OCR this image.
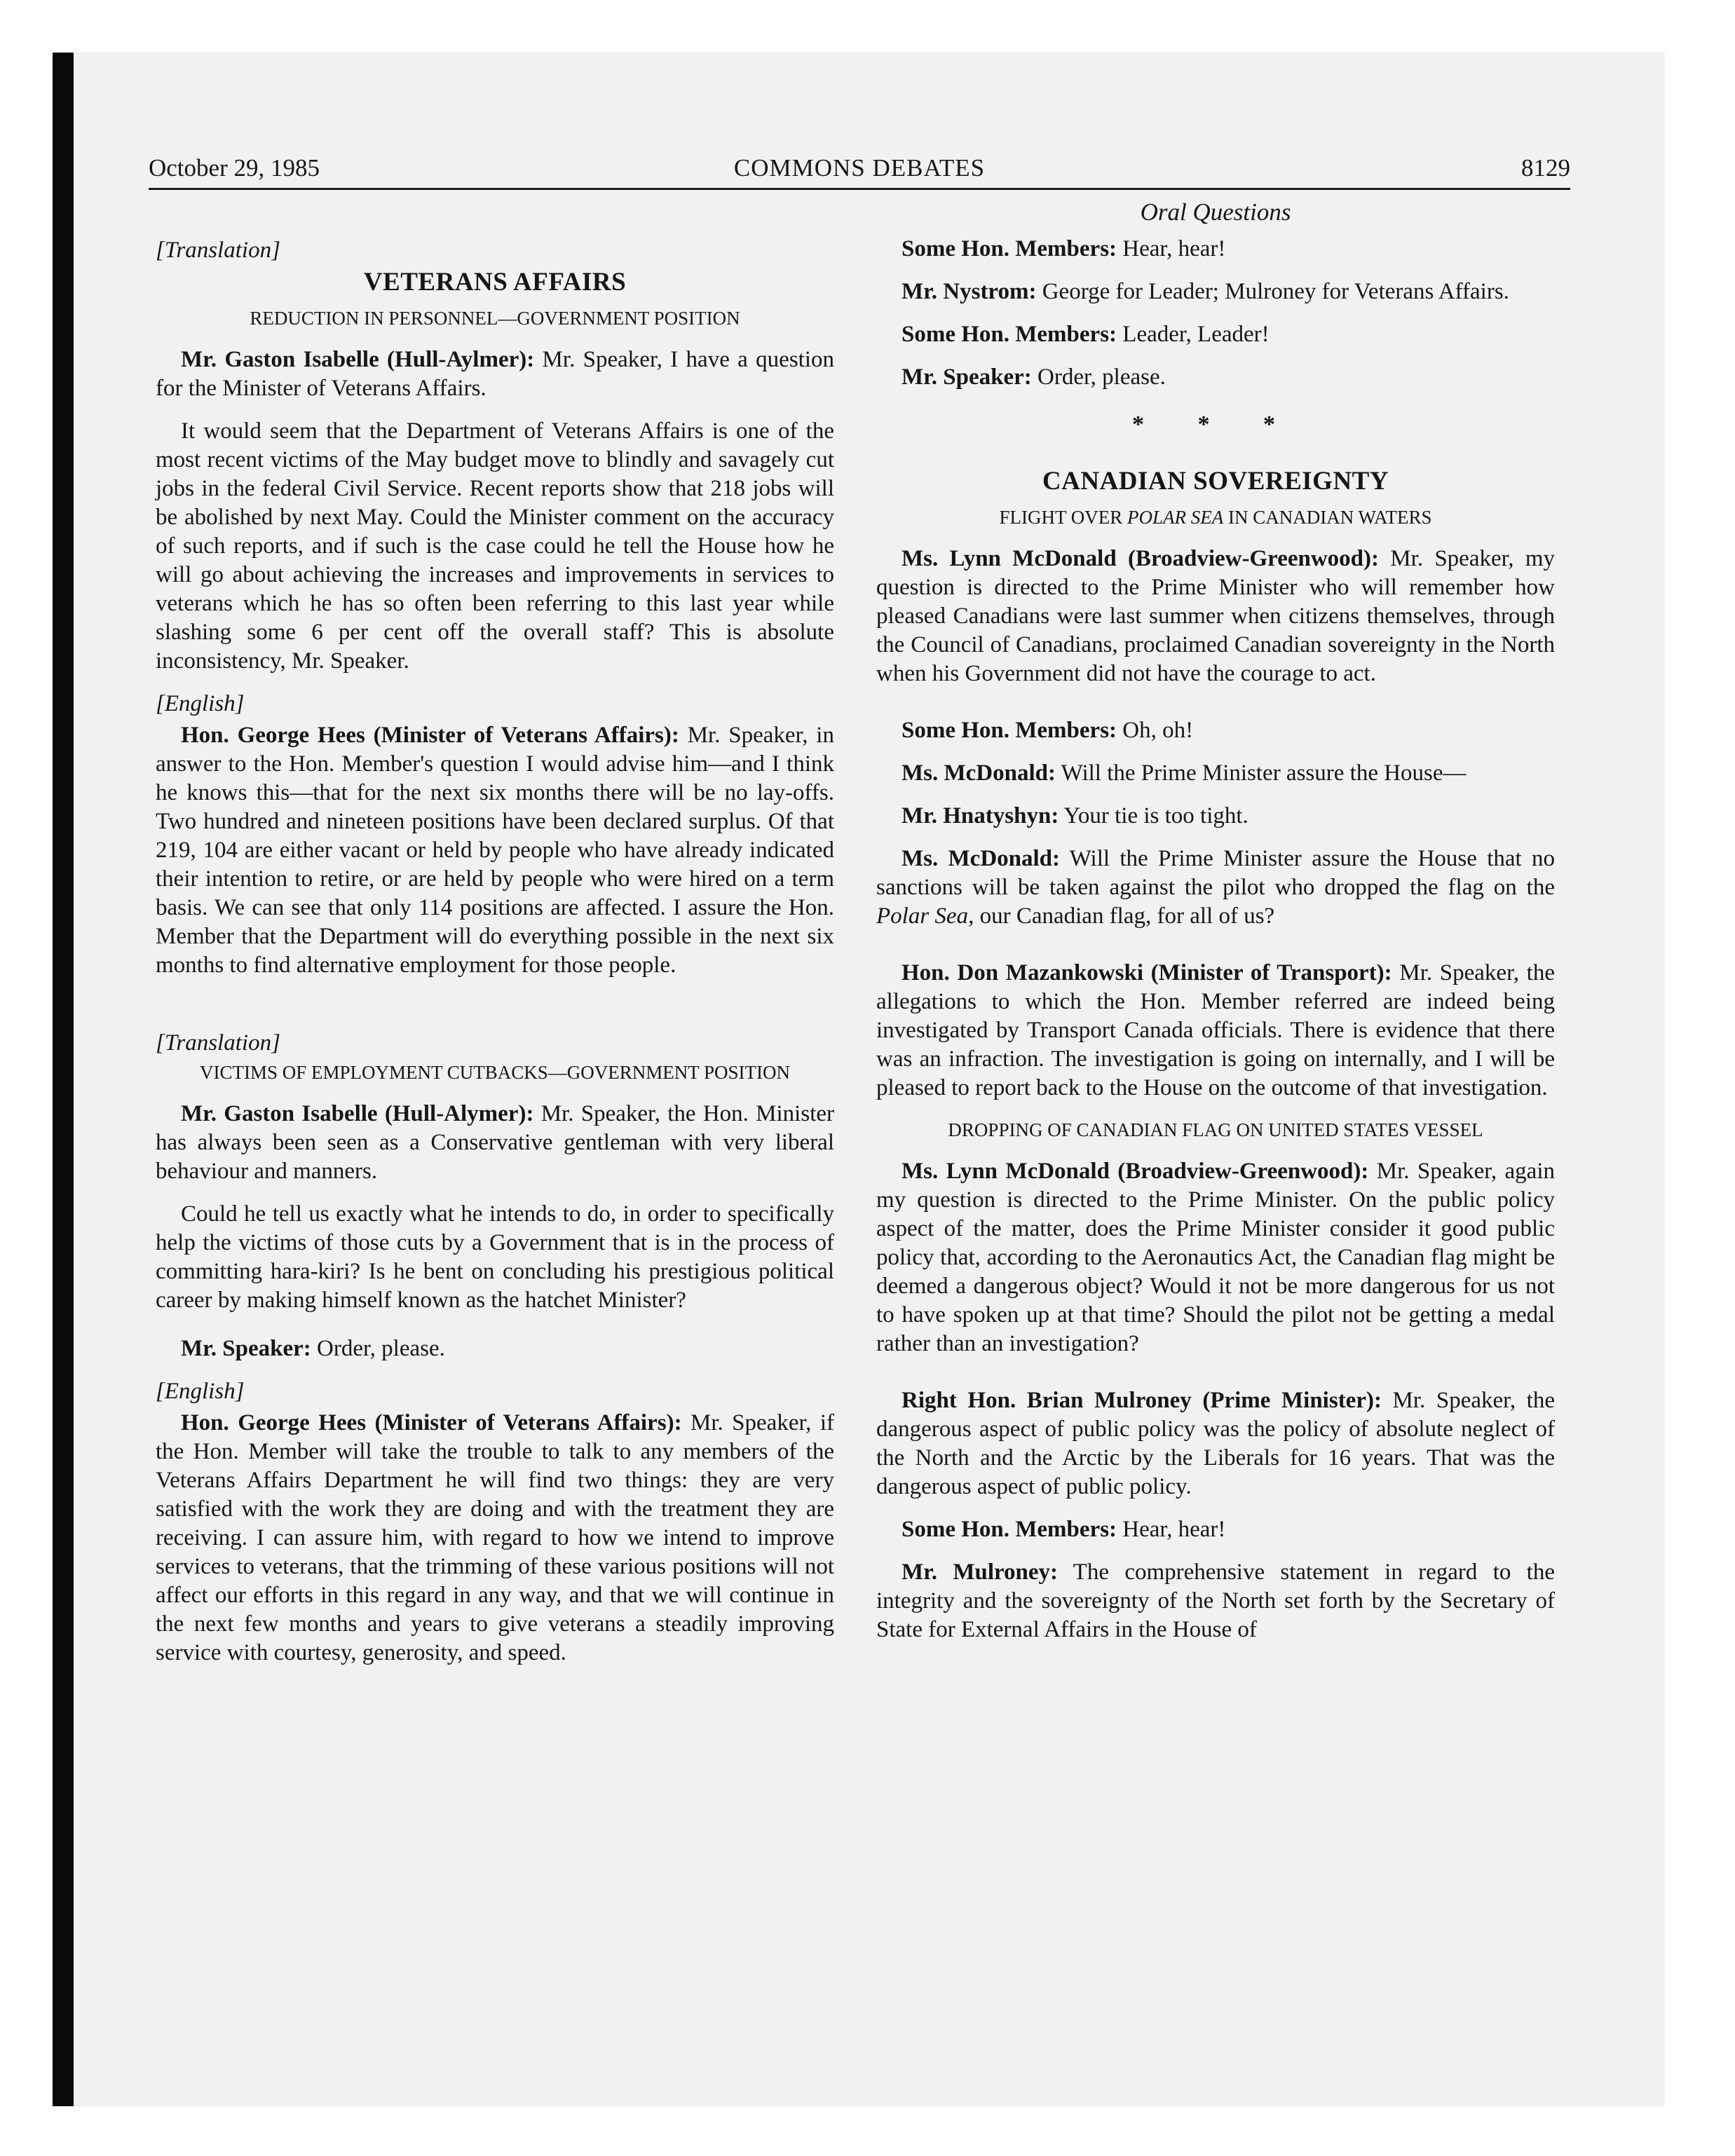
October 29, 1985	COMMONS DEBATES	8129
[Translation]
VETERANS AFFAIRS
REDUCTION IN PERSONNEL—GOVERNMENT POSITION

Mr. Gaston Isabelle (Hull-Aylmer): Mr. Speaker, I have a question for the Minister of Veterans Affairs.

It would seem that the Department of Veterans Affairs is one of the most recent victims of the May budget move to blindly and savagely cut jobs in the federal Civil Service. Recent reports show that 218 jobs will be abolished by next May. Could the Minister comment on the accuracy of such reports, and if such is the case could he tell the House how he will go about achieving the increases and improvements in services to veterans which he has so often been referring to this last year while slashing some 6 per cent off the overall staff? This is absolute inconsistency, Mr. Speaker.

[English]

Hon. George Hees (Minister of Veterans Affairs): Mr. Speaker, in answer to the Hon. Member's question I would advise him—and I think he knows this—that for the next six months there will be no lay-offs. Two hundred and nineteen positions have been declared surplus. Of that 219, 104 are either vacant or held by people who have already indicated their intention to retire, or are held by people who were hired on a term basis. We can see that only 114 positions are affected. I assure the Hon. Member that the Department will do everything possible in the next six months to find alternative employment for those people.

[Translation]
VICTIMS OF EMPLOYMENT CUTBACKS—GOVERNMENT POSITION

Mr. Gaston Isabelle (Hull-Alymer): Mr. Speaker, the Hon. Minister has always been seen as a Conservative gentleman with very liberal behaviour and manners.

Could he tell us exactly what he intends to do, in order to specifically help the victims of those cuts by a Government that is in the process of committing hara-kiri? Is he bent on concluding his prestigious political career by making himself known as the hatchet Minister?

Mr. Speaker: Order, please.

[English]

Hon. George Hees (Minister of Veterans Affairs): Mr. Speaker, if the Hon. Member will take the trouble to talk to any members of the Veterans Affairs Department he will find two things: they are very satisfied with the work they are doing and with the treatment they are receiving. I can assure him, with regard to how we intend to improve services to veterans, that the trimming of these various positions will not affect our efforts in this regard in any way, and that we will continue in the next few months and years to give veterans a steadily improving service with courtesy, generosity, and speed.

Oral Questions

Some Hon. Members: Hear, hear!

Mr. Nystrom: George for Leader; Mulroney for Veterans Affairs.

Some Hon. Members: Leader, Leader!

Mr. Speaker: Order, please.

* * *
CANADIAN SOVEREIGNTY
FLIGHT OVER POLAR SEA IN CANADIAN WATERS

Ms. Lynn McDonald (Broadview-Greenwood): Mr. Speaker, my question is directed to the Prime Minister who will remember how pleased Canadians were last summer when citizens themselves, through the Council of Canadians, proclaimed Canadian sovereignty in the North when his Government did not have the courage to act.

Some Hon. Members: Oh, oh!

Ms. McDonald: Will the Prime Minister assure the House—

Mr. Hnatyshyn: Your tie is too tight.

Ms. McDonald: Will the Prime Minister assure the House that no sanctions will be taken against the pilot who dropped the flag on the Polar Sea, our Canadian flag, for all of us?

Hon. Don Mazankowski (Minister of Transport): Mr. Speaker, the allegations to which the Hon. Member referred are indeed being investigated by Transport Canada officials. There is evidence that there was an infraction. The investigation is going on internally, and I will be pleased to report back to the House on the outcome of that investigation.

DROPPING OF CANADIAN FLAG ON UNITED STATES VESSEL

Ms. Lynn McDonald (Broadview-Greenwood): Mr. Speaker, again my question is directed to the Prime Minister. On the public policy aspect of the matter, does the Prime Minister consider it good public policy that, according to the Aeronautics Act, the Canadian flag might be deemed a dangerous object? Would it not be more dangerous for us not to have spoken up at that time? Should the pilot not be getting a medal rather than an investigation?

Right Hon. Brian Mulroney (Prime Minister): Mr. Speaker, the dangerous aspect of public policy was the policy of absolute neglect of the North and the Arctic by the Liberals for 16 years. That was the dangerous aspect of public policy.

Some Hon. Members: Hear, hear!

Mr. Mulroney: The comprehensive statement in regard to the integrity and the sovereignty of the North set forth by the Secretary of State for External Affairs in the House of
